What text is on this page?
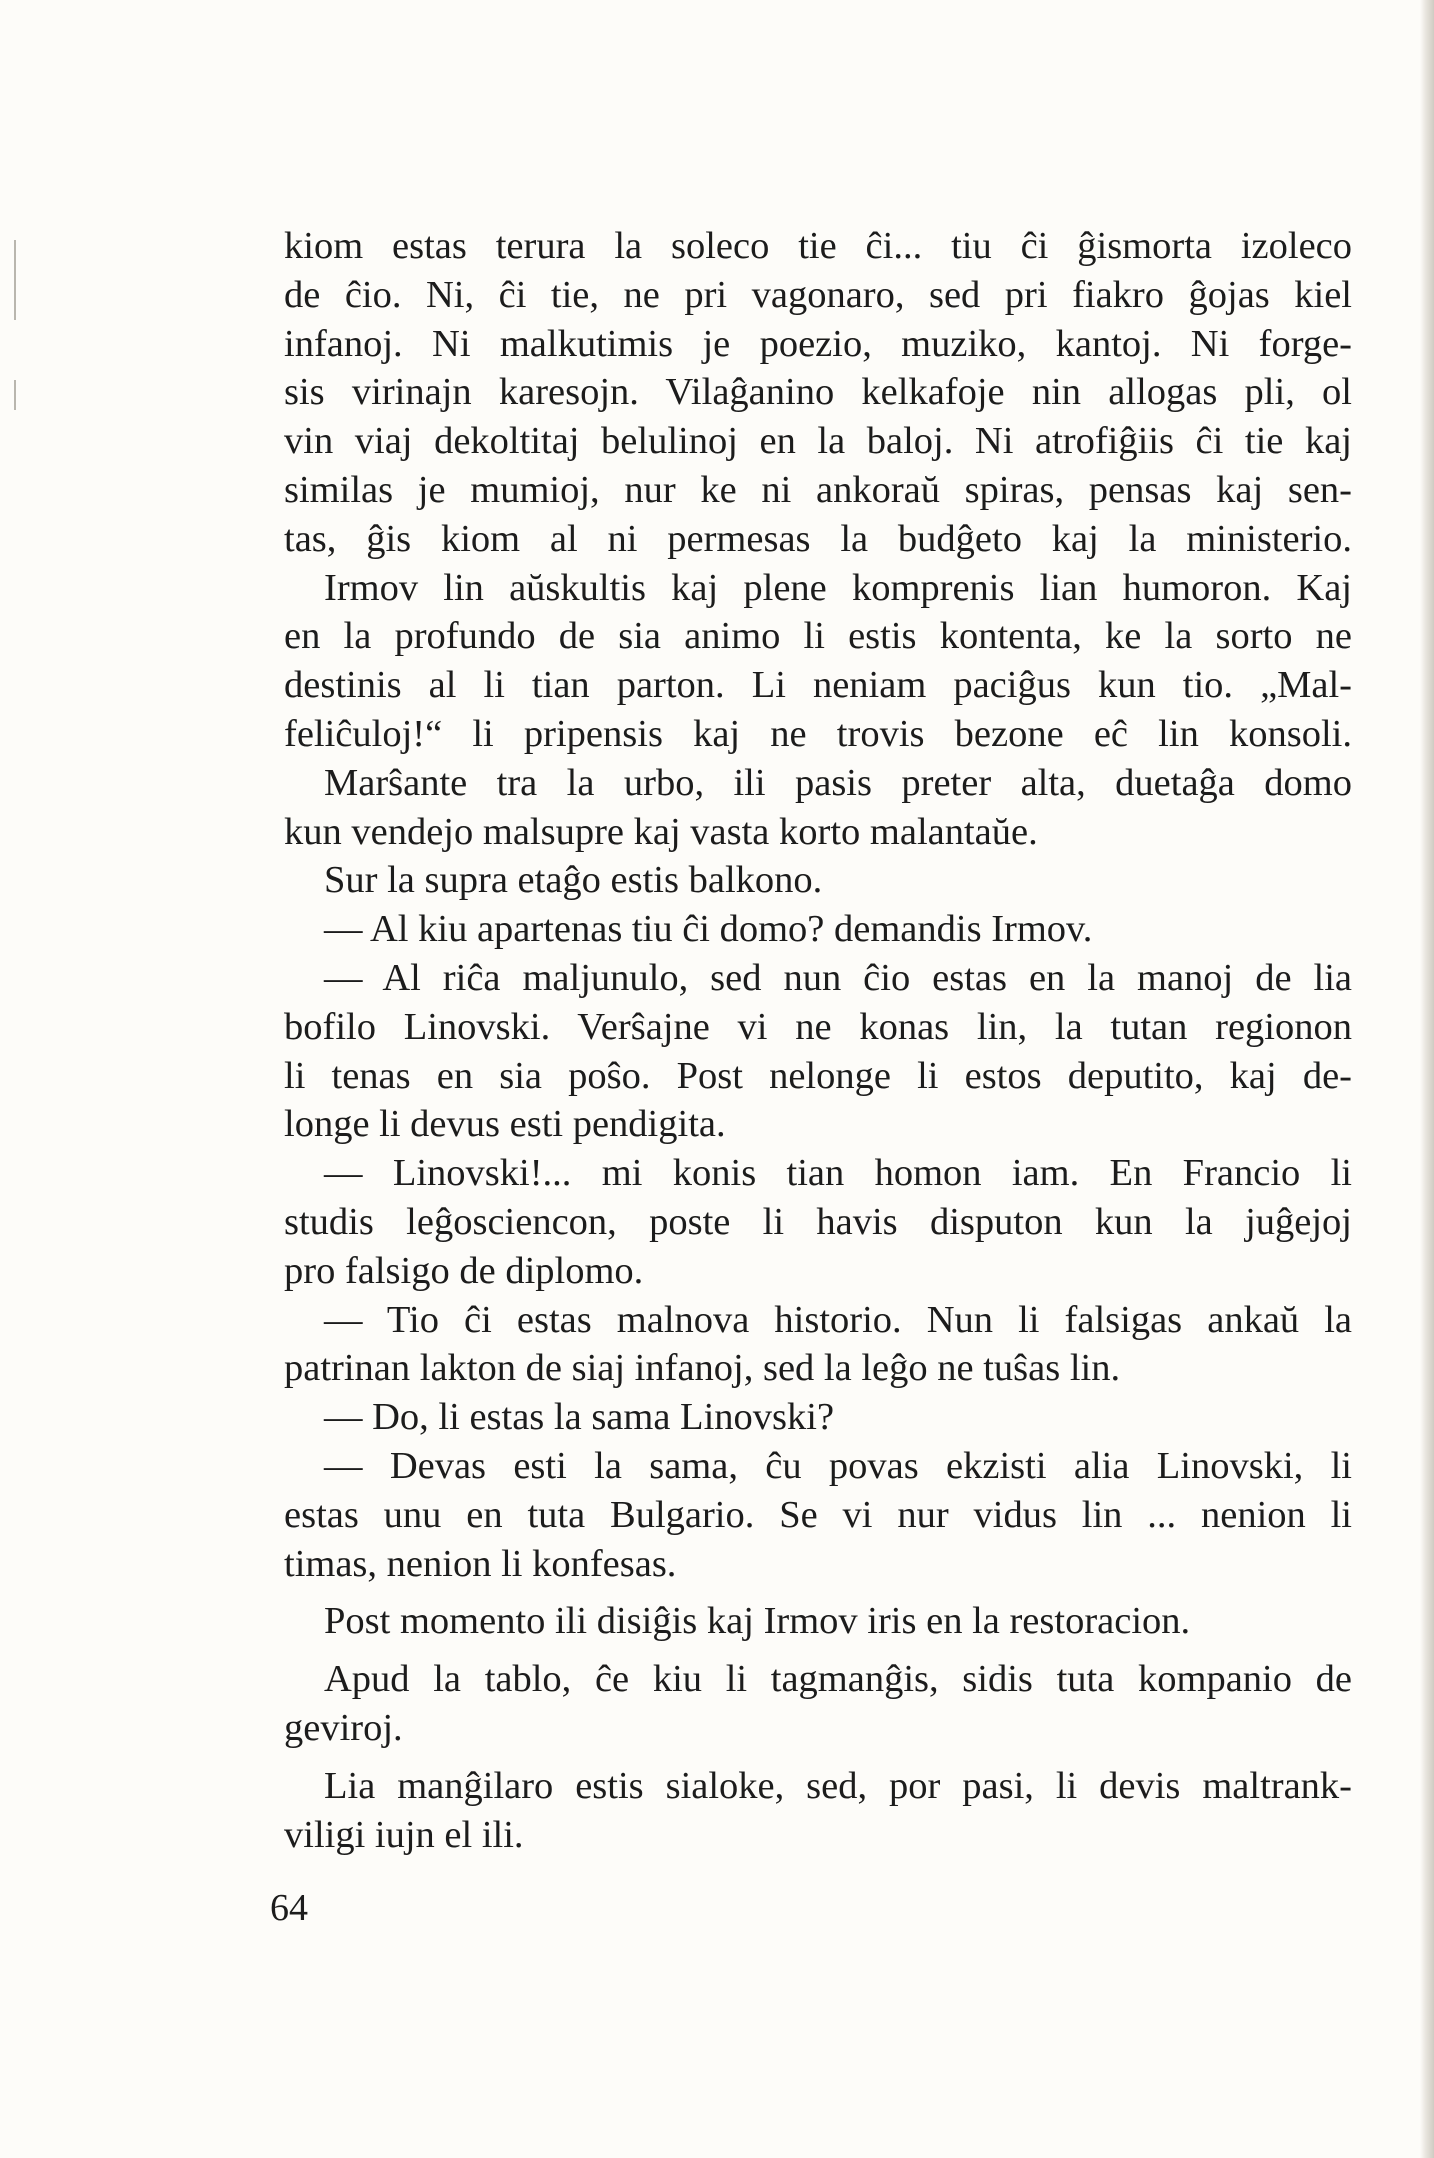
kiom estas terura la soleco tie ĉi... tiu ĉi ĝismorta izoleco
de ĉio. Ni, ĉi tie, ne pri vagonaro, sed pri fiakro ĝojas kiel
infanoj. Ni malkutimis je poezio, muziko, kantoj. Ni forge-
sis virinajn karesojn. Vilaĝanino kelkafoje nin allogas pli, ol
vin viaj dekoltitaj belulinoj en la baloj. Ni atrofiĝiis ĉi tie kaj
similas je mumioj, nur ke ni ankoraŭ spiras, pensas kaj sen-
tas, ĝis kiom al ni permesas la budĝeto kaj la ministerio.
Irmov lin aŭskultis kaj plene komprenis lian humoron. Kaj
en la profundo de sia animo li estis kontenta, ke la sorto ne
destinis al li tian parton. Li neniam paciĝus kun tio. „Mal-
feliĉuloj!“ li pripensis kaj ne trovis bezone eĉ lin konsoli.
Marŝante tra la urbo, ili pasis preter alta, duetaĝa domo
kun vendejo malsupre kaj vasta korto malantaŭe.
Sur la supra etaĝo estis balkono.
— Al kiu apartenas tiu ĉi domo? demandis Irmov.
— Al riĉa maljunulo, sed nun ĉio estas en la manoj de lia
bofilo Linovski. Verŝajne vi ne konas lin, la tutan regionon
li tenas en sia poŝo. Post nelonge li estos deputito, kaj de-
longe li devus esti pendigita.
— Linovski!... mi konis tian homon iam. En Francio li
studis leĝosciencon, poste li havis disputon kun la juĝejoj
pro falsigo de diplomo.
— Tio ĉi estas malnova historio. Nun li falsigas ankaŭ la
patrinan lakton de siaj infanoj, sed la leĝo ne tuŝas lin.
— Do, li estas la sama Linovski?
— Devas esti la sama, ĉu povas ekzisti alia Linovski, li
estas unu en tuta Bulgario. Se vi nur vidus lin ... nenion li
timas, nenion li konfesas.
Post momento ili disiĝis kaj Irmov iris en la restoracion.
Apud la tablo, ĉe kiu li tagmanĝis, sidis tuta kompanio de
geviroj.
Lia manĝilaro estis sialoke, sed, por pasi, li devis maltrank-
viligi iujn el ili.
64
